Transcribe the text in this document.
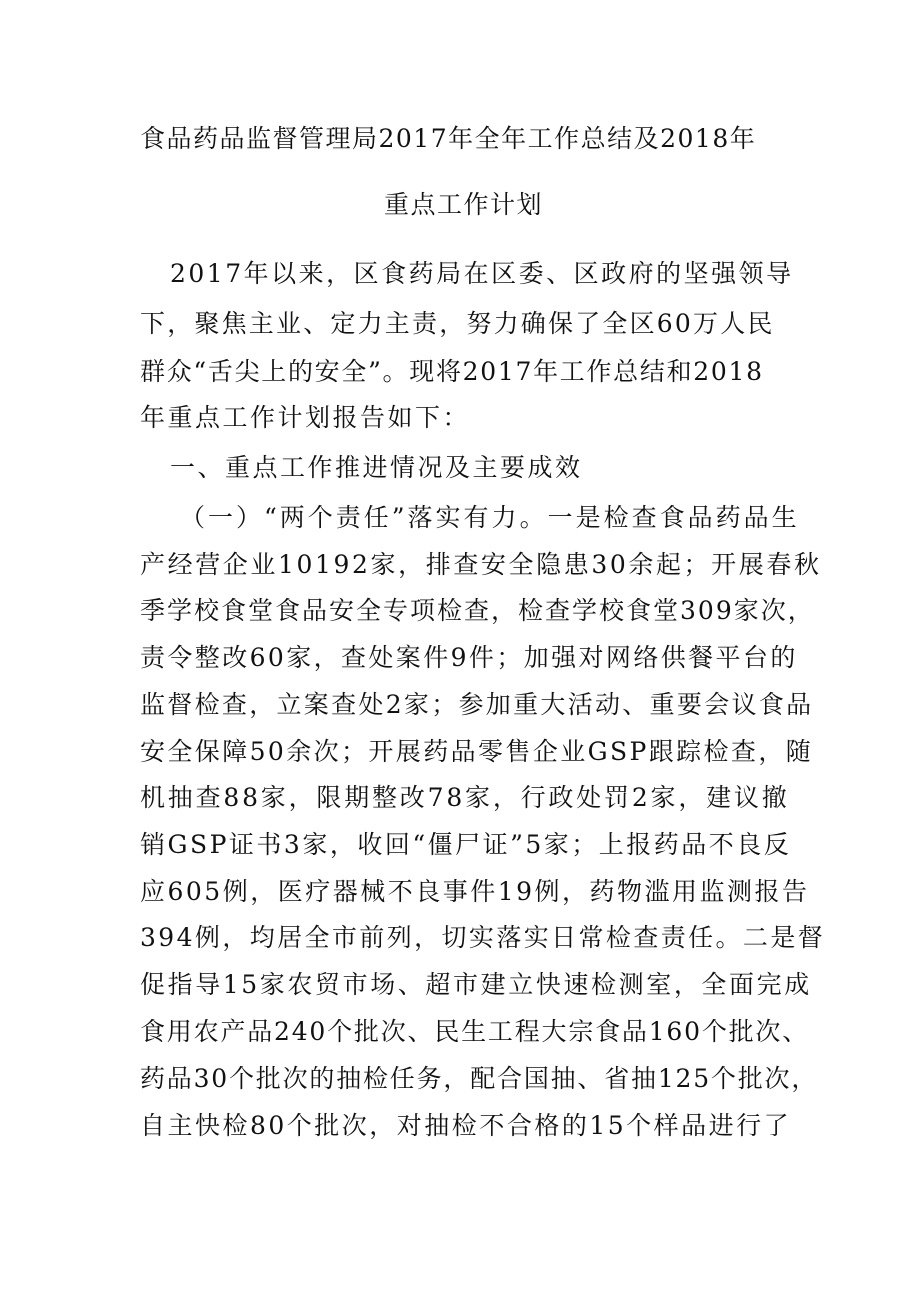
食品药品监督管理局2017年全年工作总结及2018年
重点工作计划
2017年以来，区食药局在区委、区政府的坚强领导
下，聚焦主业、定力主责，努力确保了全区60万人民
群众“舌尖上的安全”。现将2017年工作总结和2018
年重点工作计划报告如下：
一、重点工作推进情况及主要成效
（一）“两个责任”落实有力。一是检查食品药品生
产经营企业10192家，排查安全隐患30余起；开展春秋
季学校食堂食品安全专项检查，检查学校食堂309家次，
责令整改60家，查处案件9件；加强对网络供餐平台的
监督检查，立案查处2家；参加重大活动、重要会议食品
安全保障50余次；开展药品零售企业GSP跟踪检查，随
机抽查88家，限期整改78家，行政处罚2家，建议撤
销GSP证书3家，收回“僵尸证”5家；上报药品不良反
应605例，医疗器械不良事件19例，药物滥用监测报告
394例，均居全市前列，切实落实日常检查责任。二是督
促指导15家农贸市场、超市建立快速检测室，全面完成
食用农产品240个批次、民生工程大宗食品160个批次、
药品30个批次的抽检任务，配合国抽、省抽125个批次，
自主快检80个批次，对抽检不合格的15个样品进行了
